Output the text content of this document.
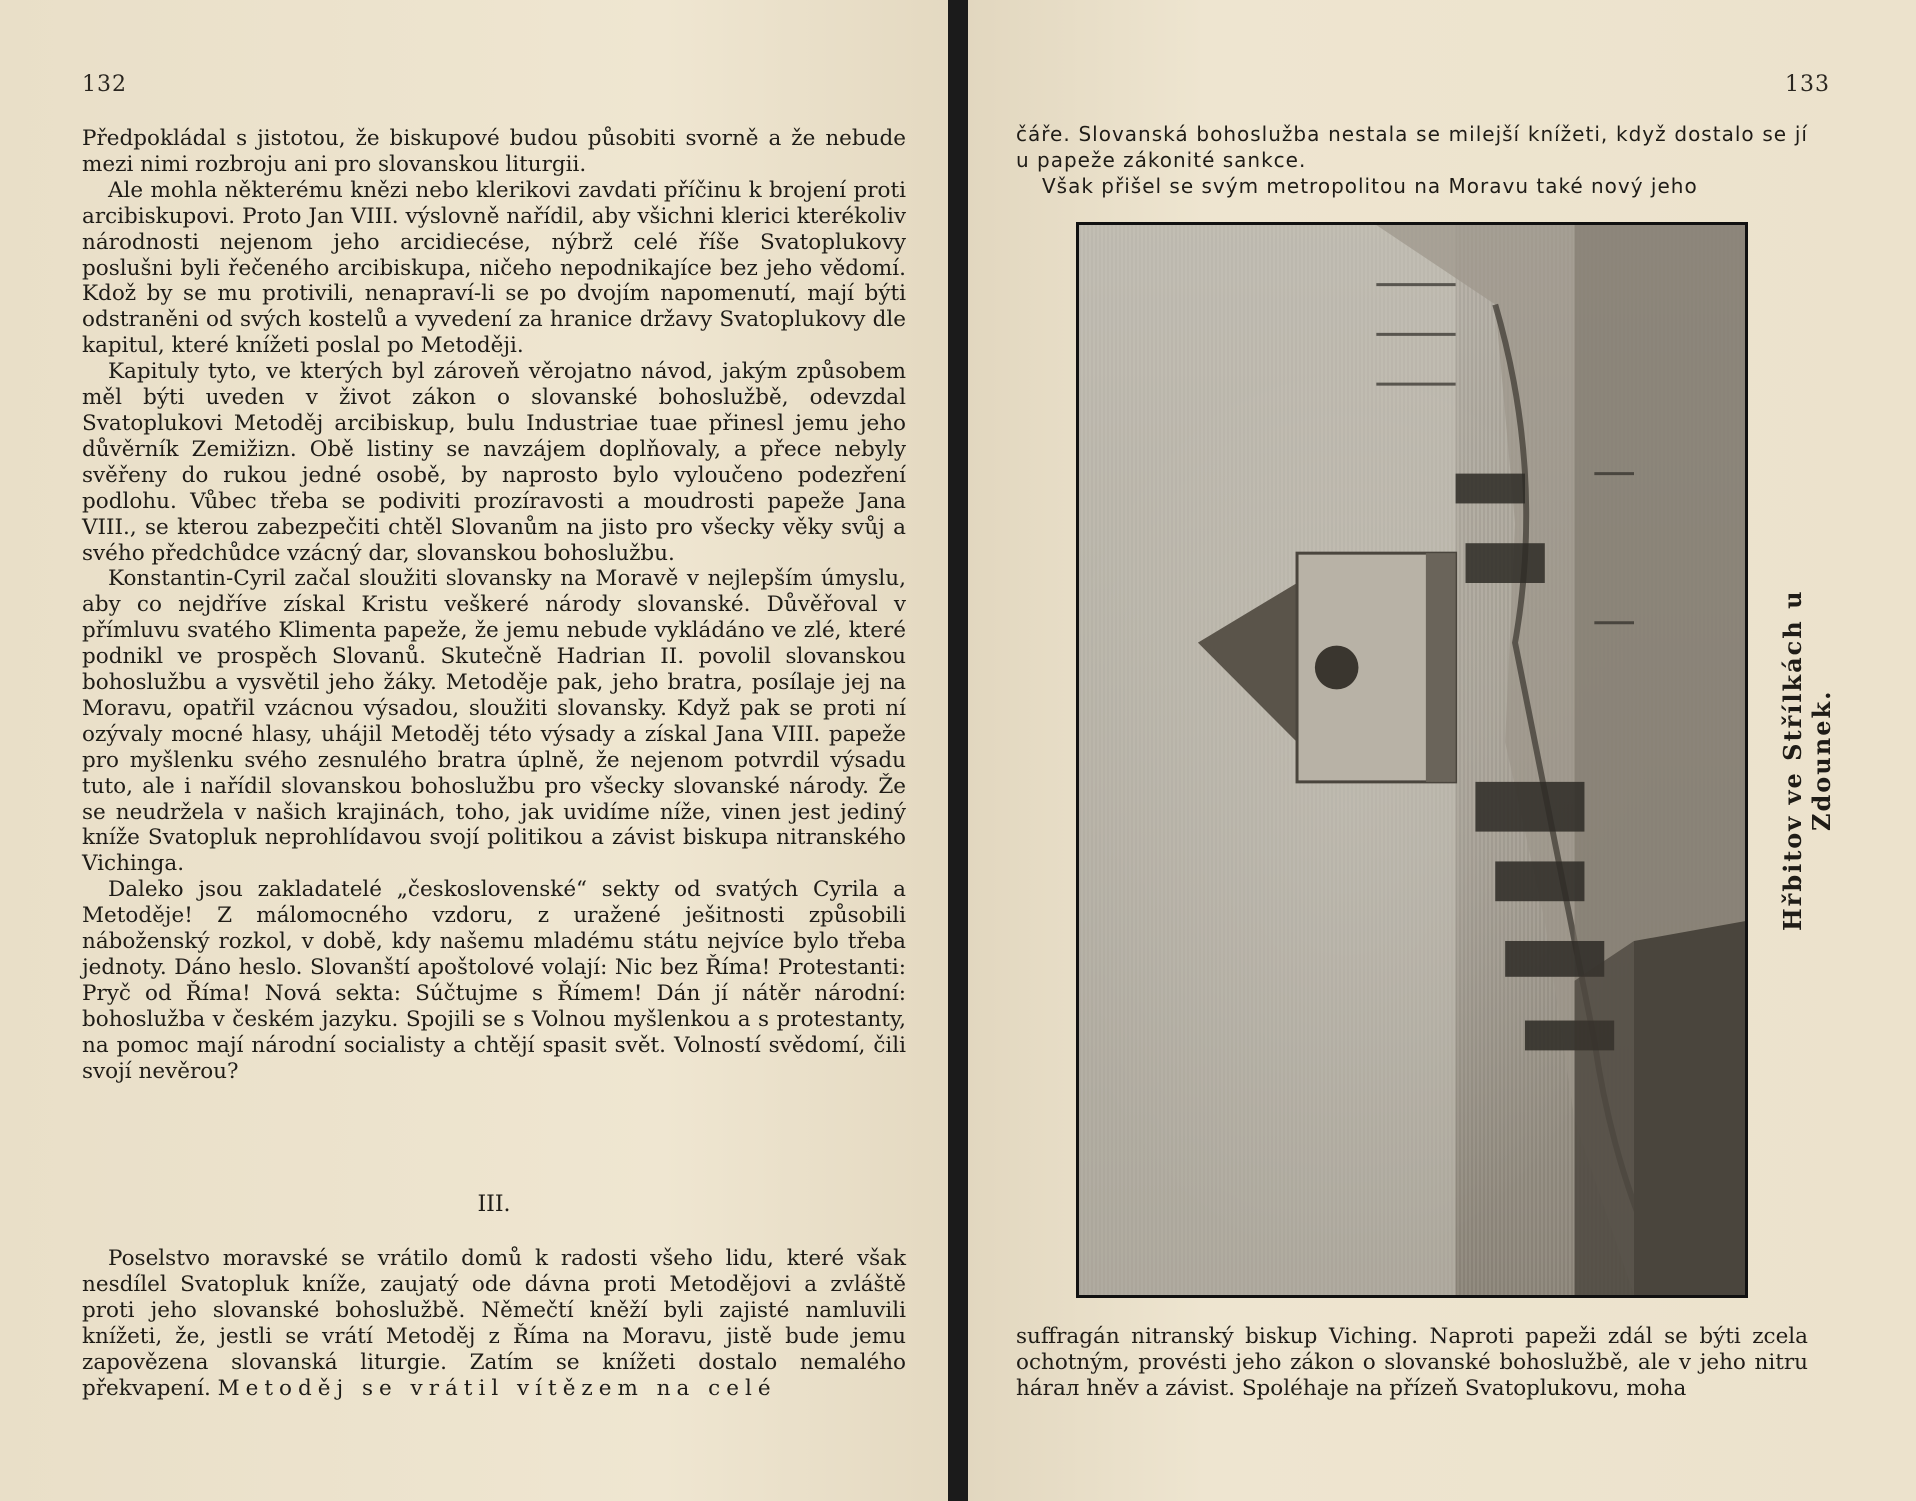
132

Předpokládal s jistotou, že biskupové budou působiti svorně a že nebude mezi nimi rozbroju ani pro slovanskou liturgii.

Ale mohla některému knězi nebo klerikovi zavdati příčinu k brojení proti arcibiskupovi. Proto Jan VIII. výslovně nařídil, aby všichni klerici kterékoliv národnosti nejenom jeho arcidiecése, nýbrž celé říše Svatoplukovy poslušni byli řečeného arcibiskupa, ničeho nepodnikajíce bez jeho vědomí. Kdož by se mu protivili, nenapraví-li se po dvojím napomenutí, mají býti odstraněni od svých kostelů a vyvedení za hranice državy Svatoplukovy dle kapitul, které knížeti poslal po Metoději.

Kapituly tyto, ve kterých byl zároveň věrojatno návod, jakým způsobem měl býti uveden v život zákon o slovanské bohoslužbě, odevzdal Svatoplukovi Metoděj arcibiskup, bulu Industriae tuae přinesl jemu jeho důvěrník Zemižizn. Obě listiny se navzájem doplňovaly, a přece nebyly svěřeny do rukou jedné osobě, by naprosto bylo vyloučeno podezření podlohu. Vůbec třeba se podiviti prozíravosti a moudrosti papeže Jana VIII., se kterou zabezpečiti chtěl Slovanům na jisto pro všecky věky svůj a svého předchůdce vzácný dar, slovanskou bohoslužbu.

Konstantin-Cyril začal sloužiti slovansky na Moravě v nejlepším úmyslu, aby co nejdříve získal Kristu veškeré národy slovanské. Důvěřoval v přímluvu svatého Klimenta papeže, že jemu nebude vykládáno ve zlé, které podnikl ve prospěch Slovanů. Skutečně Hadrian II. povolil slovanskou bohoslužbu a vysvětil jeho žáky. Metoděje pak, jeho bratra, posílaje jej na Moravu, opatřil vzácnou výsadou, sloužiti slovansky. Když pak se proti ní ozývaly mocné hlasy, uhájil Metoděj této výsady a získal Jana VIII. papeže pro myšlenku svého zesnulého bratra úplně, že nejenom potvrdil výsadu tuto, ale i nařídil slovanskou bohoslužbu pro všecky slovanské národy. Že se neudržela v našich krajinách, toho, jak uvidíme níže, vinen jest jediný kníže Svatopluk neprohlídavou svojí politikou a závist biskupa nitranského Vichinga.

Daleko jsou zakladatelé „československé“ sekty od svatých Cyrila a Metoděje! Z málomocného vzdoru, z uražené ješitnosti způsobili náboženský rozkol, v době, kdy našemu mladému státu nejvíce bylo třeba jednoty. Dáno heslo. Slovanští apoštolové volají: Nic bez Říma! Protestanti: Pryč od Říma! Nová sekta: Súčtujme s Římem! Dán jí nátěr národní: bohoslužba v českém jazyku. Spojili se s Volnou myšlenkou a s protestanty, na pomoc mají národní socialisty a chtějí spasit svět. Volností svědomí, čili svojí nevěrou?

III.

Poselstvo moravské se vrátilo domů k radosti všeho lidu, které však nesdílel Svatopluk kníže, zaujatý ode dávna proti Metodějovi a zvláště proti jeho slovanské bohoslužbě. Němečtí kněží byli zajisté namluvili knížeti, že, jestli se vrátí Metoděj z Říma na Moravu, jistě bude jemu zapovězena slovanská liturgie. Zatím se knížeti dostalo nemalého překvapení. Metoděj se vrátil vítězem na celé

133

čáře. Slovanská bohoslužba nestala se milejší knížeti, když dostalo se jí u papeže zákonité sankce.

Však přišel se svým metropolitou na Moravu také nový jeho

Hřbitov ve Střílkách u Zdounek.

suffragán nitranský biskup Viching. Naproti papeži zdál se býti zcela ochotným, provésti jeho zákon o slovanské bohoslužbě, ale v jeho nitru hárал hněv a závist. Spoléhaje na přízeň Svatoplukovu, moha
